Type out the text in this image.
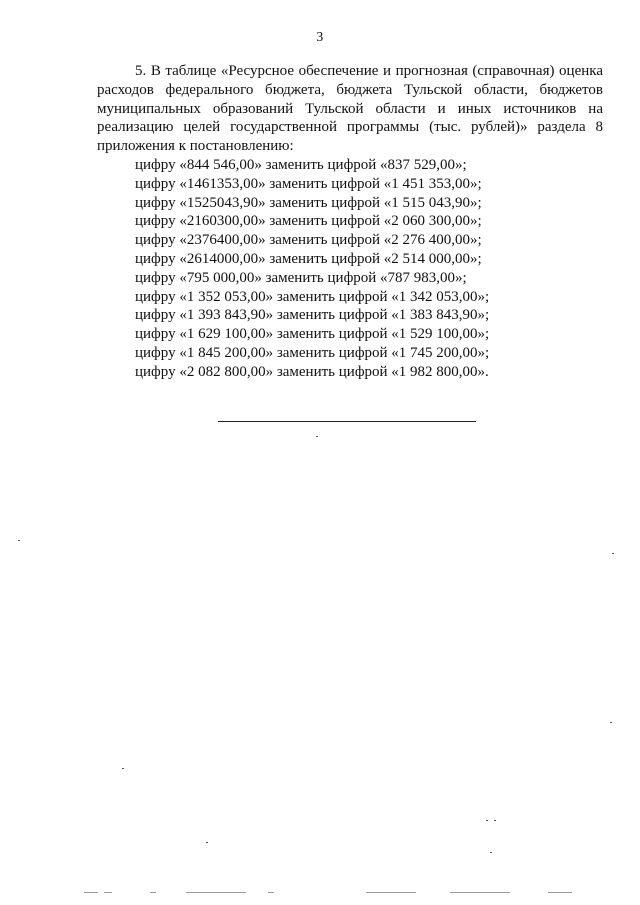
3

5. В таблице «Ресурсное обеспечение и прогнозная (справочная) оценка расходов федерального бюджета, бюджета Тульской области, бюджетов муниципальных образований Тульской области и иных источников на реализацию целей государственной программы (тыс. рублей)» раздела 8 приложения к постановлению:

цифру «844 546,00» заменить цифрой «837 529,00»;
цифру «1461353,00» заменить цифрой «1 451 353,00»;
цифру «1525043,90» заменить цифрой «1 515 043,90»;
цифру «2160300,00» заменить цифрой «2 060 300,00»;
цифру «2376400,00» заменить цифрой «2 276 400,00»;
цифру «2614000,00» заменить цифрой «2 514 000,00»;
цифру «795 000,00» заменить цифрой «787 983,00»;
цифру «1 352 053,00» заменить цифрой «1 342 053,00»;
цифру «1 393 843,90» заменить цифрой «1 383 843,90»;
цифру «1 629 100,00» заменить цифрой «1 529 100,00»;
цифру «1 845 200,00» заменить цифрой «1 745 200,00»;
цифру «2 082 800,00» заменить цифрой «1 982 800,00».
